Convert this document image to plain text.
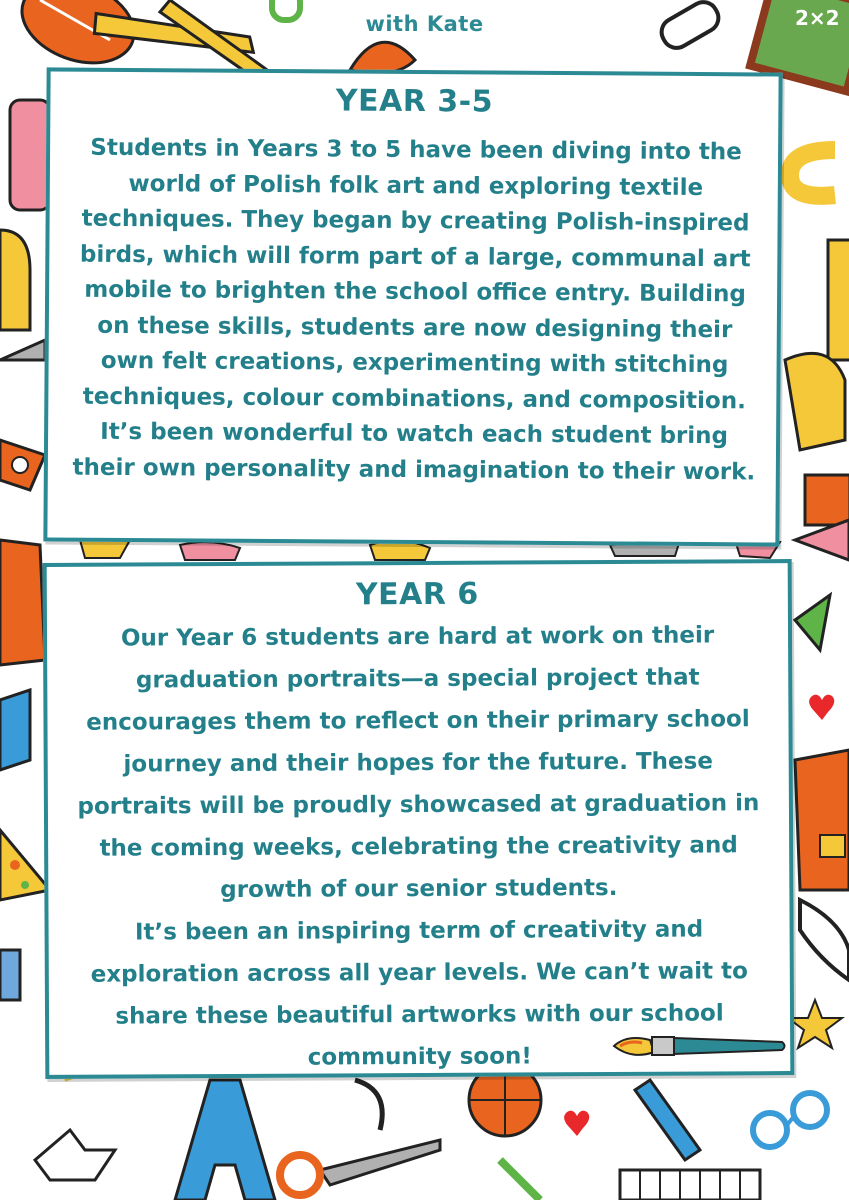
2×2
with Kate
YEAR 3-5

Students in Years 3 to 5 have been diving into the world of Polish folk art and exploring textile techniques. They began by creating Polish-inspired birds, which will form part of a large, communal art mobile to brighten the school office entry. Building on these skills, students are now designing their own felt creations, experimenting with stitching techniques, colour combinations, and composition. It’s been wonderful to watch each student bring their own personality and imagination to their work.

YEAR 6

Our Year 6 students are hard at work on their graduation portraits—a special project that encourages them to reflect on their primary school journey and their hopes for the future. These portraits will be proudly showcased at graduation in the coming weeks, celebrating the creativity and growth of our senior students.

It’s been an inspiring term of creativity and exploration across all year levels. We can’t wait to share these beautiful artworks with our school community soon!
